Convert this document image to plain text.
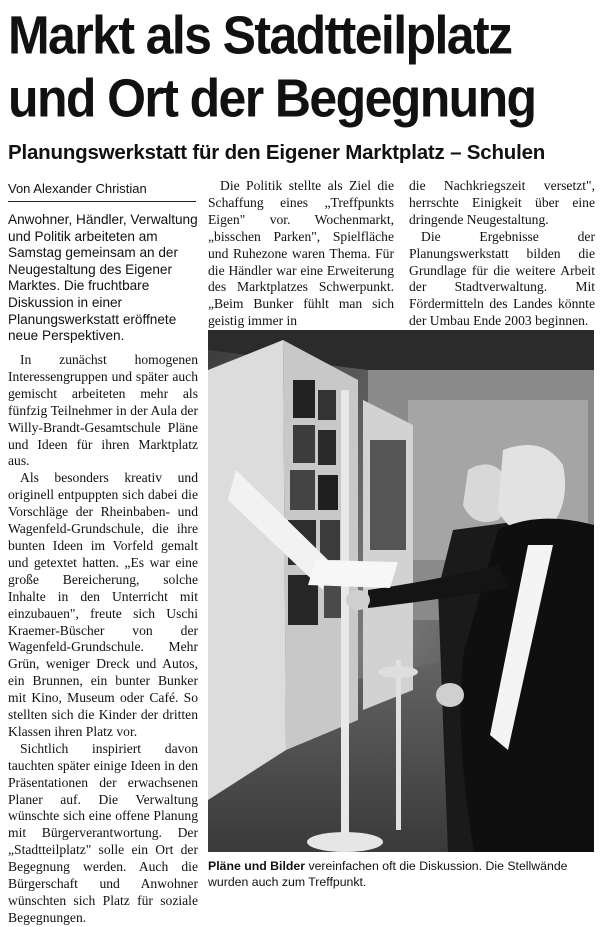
Markt als Stadtteilplatz und Ort der Begegnung
Planungswerkstatt für den Eigener Marktplatz – Schulen
Von Alexander Christian

Anwohner, Händler, Verwaltung und Politik arbeiteten am Samstag gemeinsam an der Neugestaltung des Eigener Marktes. Die fruchtbare Diskussion in einer Planungswerkstatt eröffnete neue Perspektiven.

In zunächst homogenen Interessengruppen und später auch gemischt arbeiteten mehr als fünfzig Teilnehmer in der Aula der Willy-Brandt-Gesamtschule Pläne und Ideen für ihren Marktplatz aus.

Als besonders kreativ und originell entpuppten sich dabei die Vorschläge der Rheinbaben- und Wagenfeld-Grundschule, die ihre bunten Ideen im Vorfeld gemalt und getextet hatten. „Es war eine große Bereicherung, solche Inhalte in den Unterricht mit einzubauen", freute sich Uschi Kraemer-Büscher von der Wagenfeld-Grundschule. Mehr Grün, weniger Dreck und Autos, ein Brunnen, ein bunter Bunker mit Kino, Museum oder Café. So stellten sich die Kinder der dritten Klassen ihren Platz vor.

Sichtlich inspiriert davon tauchten später einige Ideen in den Präsentationen der erwachsenen Planer auf. Die Verwaltung wünschte sich eine offene Planung mit Bürgerverantwortung. Der „Stadtteilplatz" solle ein Ort der Begegnung werden. Auch die Bürgerschaft und Anwohner wünschten sich Platz für soziale Begegnungen.

Die Politik stellte als Ziel die Schaffung eines „Treffpunkts Eigen" vor. Wochenmarkt, „bisschen Parken", Spielfläche und Ruhezone waren Thema. Für die Händler war eine Erweiterung des Marktplatzes Schwerpunkt. „Beim Bunker fühlt man sich geistig immer in

die Nachkriegszeit versetzt", herrschte Einigkeit über eine dringende Neugestaltung.

Die Ergebnisse der Planungswerkstatt bilden die Grundlage für die weitere Arbeit der Stadtverwaltung. Mit Fördermitteln des Landes könnte der Umbau Ende 2003 beginnen.

Pläne und Bilder vereinfachen oft die Diskussion. Die Stellwände wurden auch zum Treffpunkt.
